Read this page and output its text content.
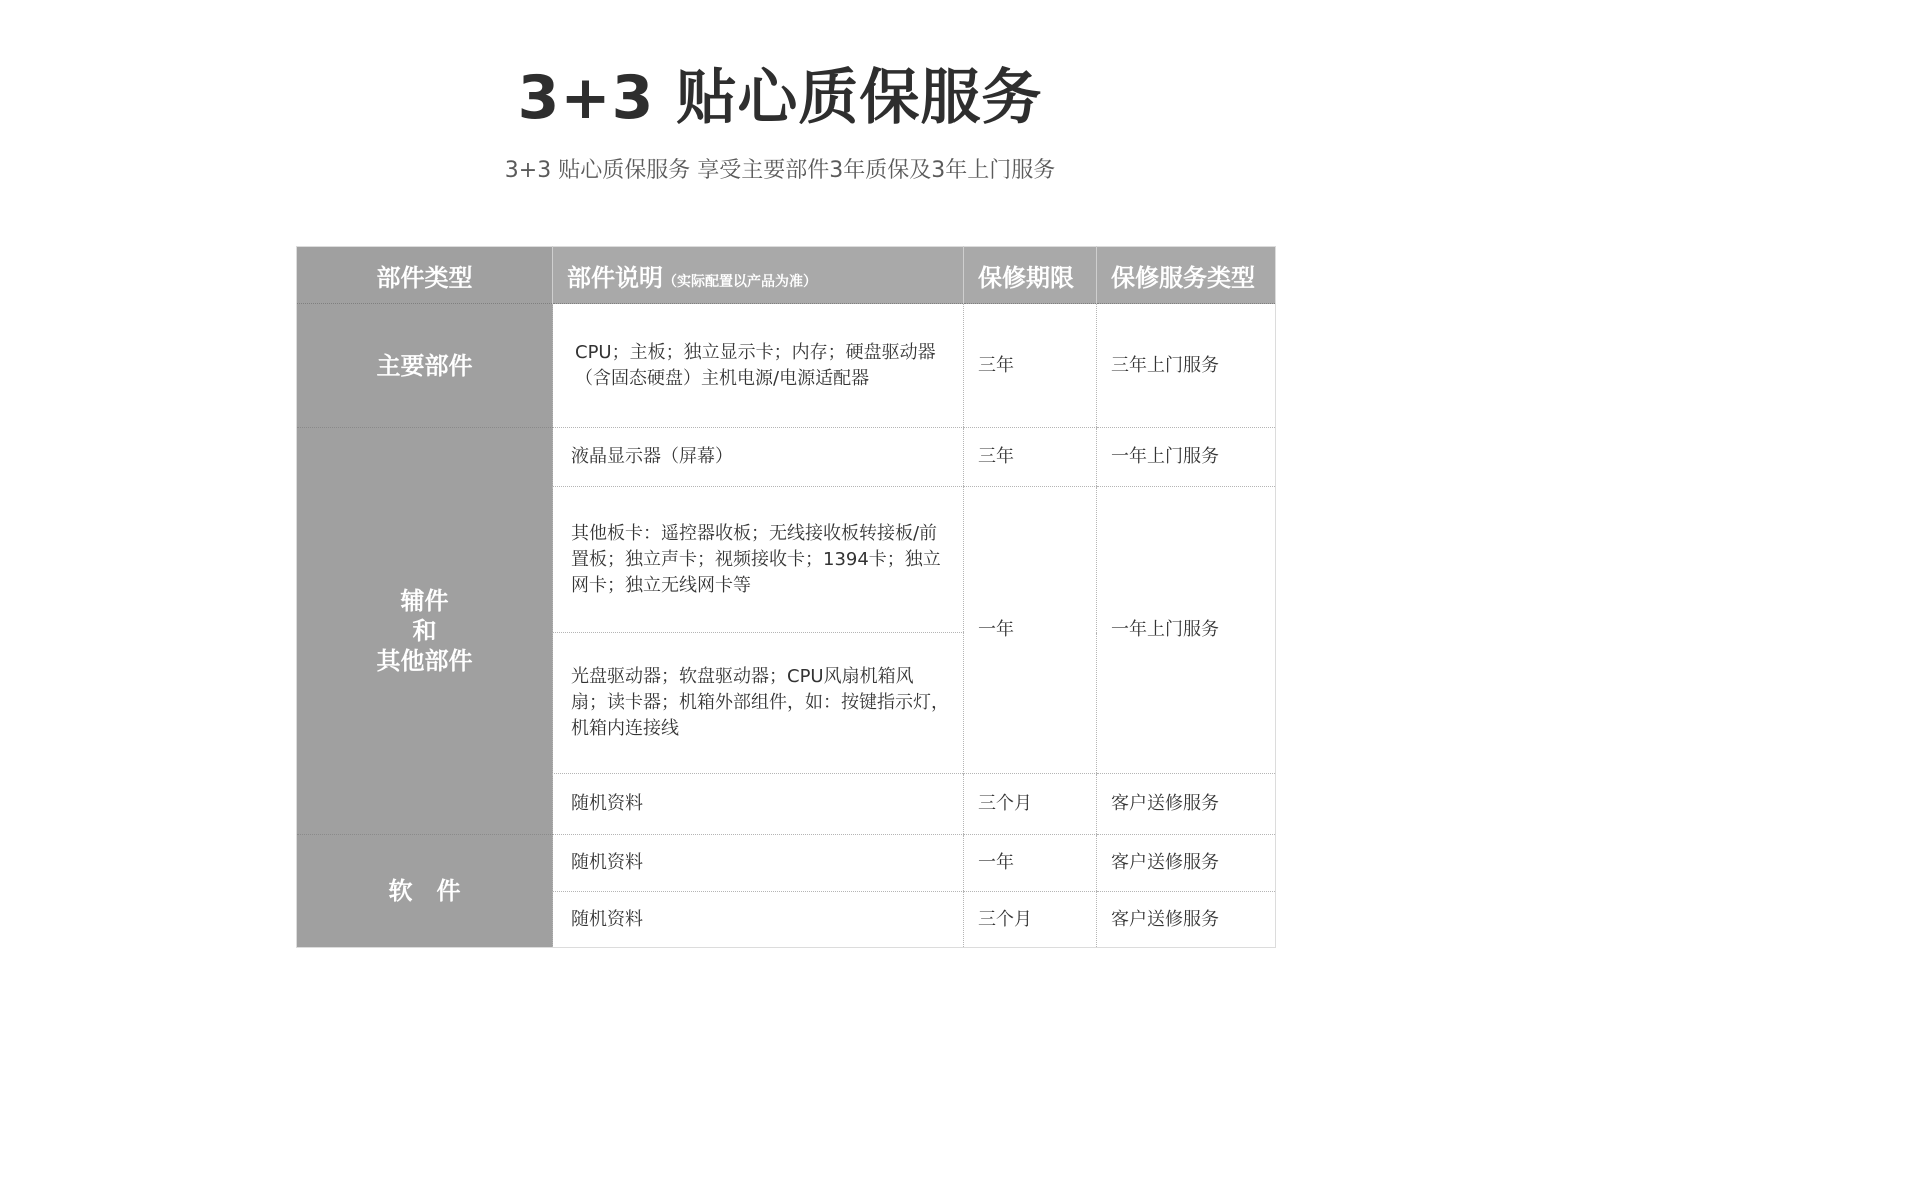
3+3 贴心质保服务
3+3 贴心质保服务 享受主要部件3年质保及3年上门服务
部件类型	部件说明（实际配置以产品为准）	保修期限	保修服务类型
主要部件	CPU；主板；独立显示卡；内存；硬盘驱动器（含固态硬盘）主机电源/电源适配器	三年	三年上门服务
辅件
和
其他部件	液晶显示器（屏幕）	三年	一年上门服务
	其他板卡：遥控器收板；无线接收板转接板/前置板；独立声卡；视频接收卡；1394卡；独立网卡；独立无线网卡等	一年	一年上门服务
	光盘驱动器；软盘驱动器；CPU风扇机箱风扇；读卡器；机箱外部组件，如：按键指示灯，机箱内连接线		
	随机资料	三个月	客户送修服务
软　件	随机资料	一年	客户送修服务
	随机资料	三个月	客户送修服务
